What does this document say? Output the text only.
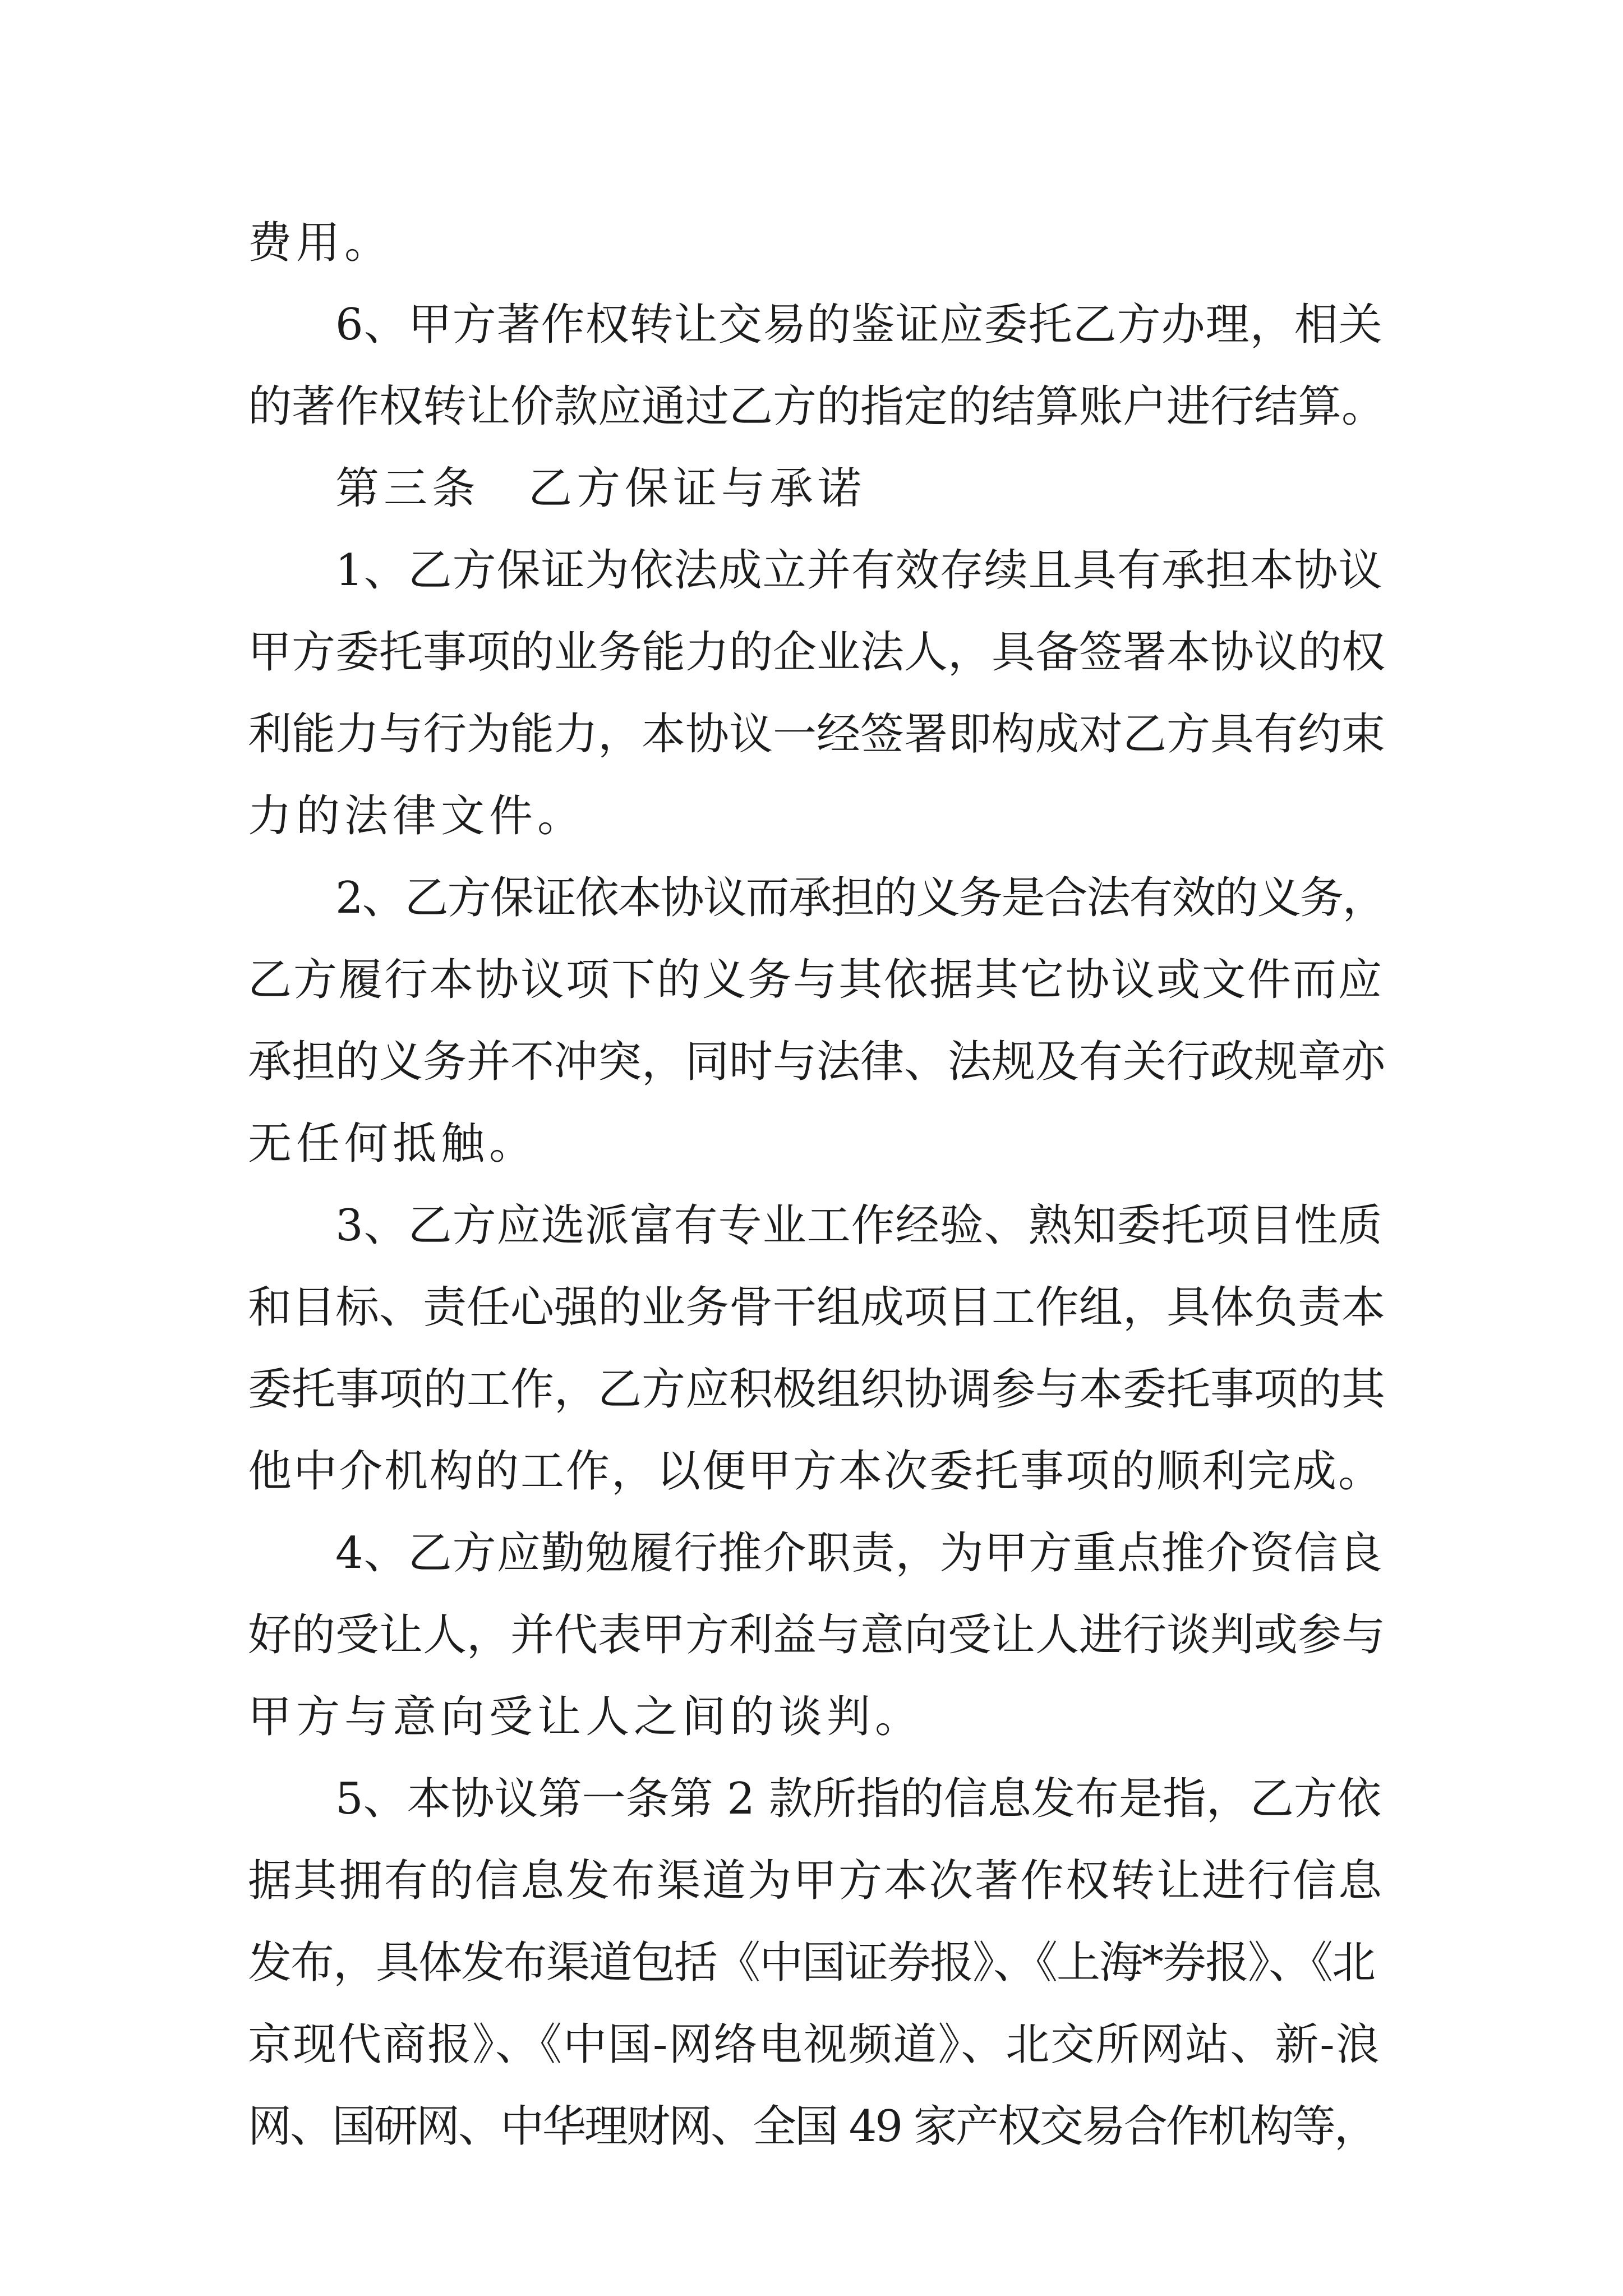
费用。
6、甲方著作权转让交易的鉴证应委托乙方办理，相关
的著作权转让价款应通过乙方的指定的结算账户进行结算。
第三条　乙方保证与承诺
1、乙方保证为依法成立并有效存续且具有承担本协议
甲方委托事项的业务能力的企业法人，具备签署本协议的权
利能力与行为能力，本协议一经签署即构成对乙方具有约束
力的法律文件。
2、乙方保证依本协议而承担的义务是合法有效的义务，
乙方履行本协议项下的义务与其依据其它协议或文件而应
承担的义务并不冲突，同时与法律、法规及有关行政规章亦
无任何抵触。
3、乙方应选派富有专业工作经验、熟知委托项目性质
和目标、责任心强的业务骨干组成项目工作组，具体负责本
委托事项的工作，乙方应积极组织协调参与本委托事项的其
他中介机构的工作，以便甲方本次委托事项的顺利完成。
4、乙方应勤勉履行推介职责，为甲方重点推介资信良
好的受让人，并代表甲方利益与意向受让人进行谈判或参与
甲方与意向受让人之间的谈判。
5、本协议第一条第 2 款所指的信息发布是指，乙方依
据其拥有的信息发布渠道为甲方本次著作权转让进行信息
发布，具体发布渠道包括《中国证券报》、《上海*券报》、《北
京现代商报》、《中国-网络电视频道》、北交所网站、新-浪
网、国研网、中华理财网、全国 49 家产权交易合作机构等，
